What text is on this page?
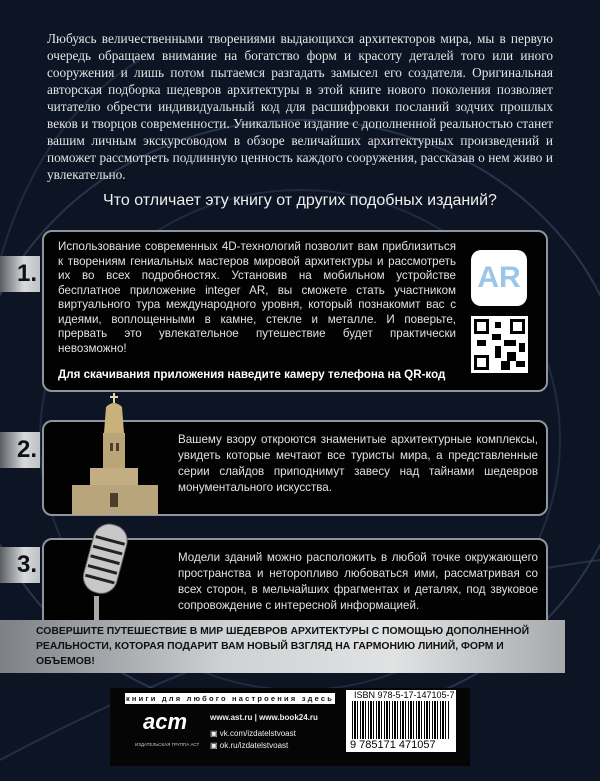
Любуясь величественными творениями выдающихся архитекторов мира, мы в первую очередь обращаем внимание на богатство форм и красоту деталей того или иного сооружения и лишь потом пытаемся разгадать замысел его создателя. Оригинальная авторская подборка шедевров архитектуры в этой книге нового поколения позволяет читателю обрести индивидуальный код для расшифровки посланий зодчих прошлых веков и творцов современности. Уникальное издание с дополненной реальностью станет вашим личным экскурсоводом в обзоре величайших архитектурных произведений и поможет рассмотреть подлинную ценность каждого сооружения, рассказав о нем живо и увлекательно.
Что отличает эту книгу от других подобных изданий?
Использование современных 4D-технологий позволит вам приблизиться к творениям гениальных мастеров мировой архитектуры и рассмотреть их во всех подробностях. Установив на мобильном устройстве бесплатное приложение integer AR, вы сможете стать участником виртуального тура международного уровня, который познакомит вас с идеями, воплощенными в камне, стекле и металле. И поверьте, прервать это увлекательное путешествие будет практически невозможно!
Для скачивания приложения наведите камеру телефона на QR-код
AR
1.
Вашему взору откроются знаменитые архитектурные комплексы, увидеть которые мечтают все туристы мира, а представленные серии слайдов приподнимут завесу над тайнами шедевров монументального искусства.
2.
Модели зданий можно расположить в любой точке окружающего пространства и неторопливо любоваться ими, рассматривая со всех сторон, в мельчайших фрагментах и деталях, под звуковое сопровождение с интересной информацией.
3.
СОВЕРШИТЕ ПУТЕШЕСТВИЕ В МИР ШЕДЕВРОВ АРХИТЕКТУРЫ С ПОМОЩЬЮ ДОПОЛНЕННОЙ РЕАЛЬНОСТИ, КОТОРАЯ ПОДАРИТ ВАМ НОВЫЙ ВЗГЛЯД НА ГАРМОНИЮ ЛИНИЙ, ФОРМ И ОБЪЕМОВ!
книги для любого настроения здесь
аст
ИЗДАТЕЛЬСКАЯ ГРУППА АСТ
www.ast.ru | www.book24.ru
▣ vk.com/izdatelstvoast
▣ ok.ru/izdatelstvoast
ISBN 978-5-17-147105-7
9 785171 471057
